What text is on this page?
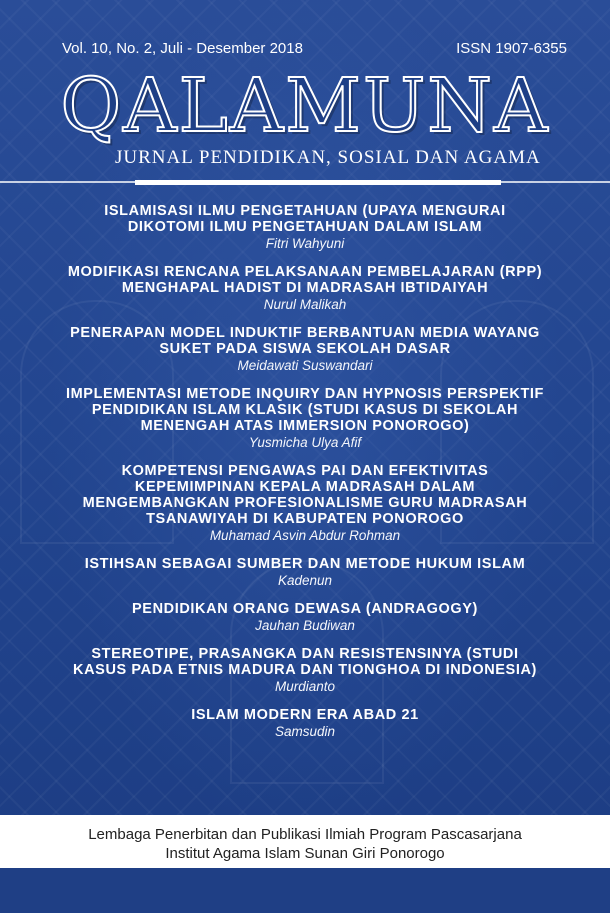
Vol. 10, No. 2, Juli - Desember 2018	ISSN 1907-6355
QALAMUNA
JURNAL PENDIDIKAN, SOSIAL DAN AGAMA
ISLAMISASI ILMU PENGETAHUAN (UPAYA MENGURAI
DIKOTOMI ILMU PENGETAHUAN DALAM ISLAM
Fitri Wahyuni
MODIFIKASI RENCANA PELAKSANAAN PEMBELAJARAN (RPP)
MENGHAPAL HADIST DI MADRASAH IBTIDAIYAH
Nurul Malikah
PENERAPAN MODEL INDUKTIF BERBANTUAN MEDIA WAYANG
SUKET PADA SISWA SEKOLAH DASAR
Meidawati Suswandari
IMPLEMENTASI METODE INQUIRY DAN HYPNOSIS PERSPEKTIF
PENDIDIKAN ISLAM KLASIK (STUDI KASUS DI SEKOLAH
MENENGAH ATAS IMMERSION PONOROGO)
Yusmicha Ulya Afif
KOMPETENSI PENGAWAS PAI DAN EFEKTIVITAS
KEPEMIMPINAN KEPALA MADRASAH DALAM
MENGEMBANGKAN PROFESIONALISME GURU MADRASAH
TSANAWIYAH DI KABUPATEN PONOROGO
Muhamad Asvin Abdur Rohman
ISTIHSAN SEBAGAI SUMBER DAN METODE HUKUM ISLAM
Kadenun
PENDIDIKAN ORANG DEWASA (ANDRAGOGY)
Jauhan Budiwan
STEREOTIPE, PRASANGKA DAN RESISTENSINYA (STUDI
KASUS PADA ETNIS MADURA DAN TIONGHOA DI INDONESIA)
Murdianto
ISLAM MODERN ERA ABAD 21
Samsudin
Lembaga Penerbitan dan Publikasi Ilmiah Program Pascasarjana
Institut Agama Islam Sunan Giri Ponorogo
